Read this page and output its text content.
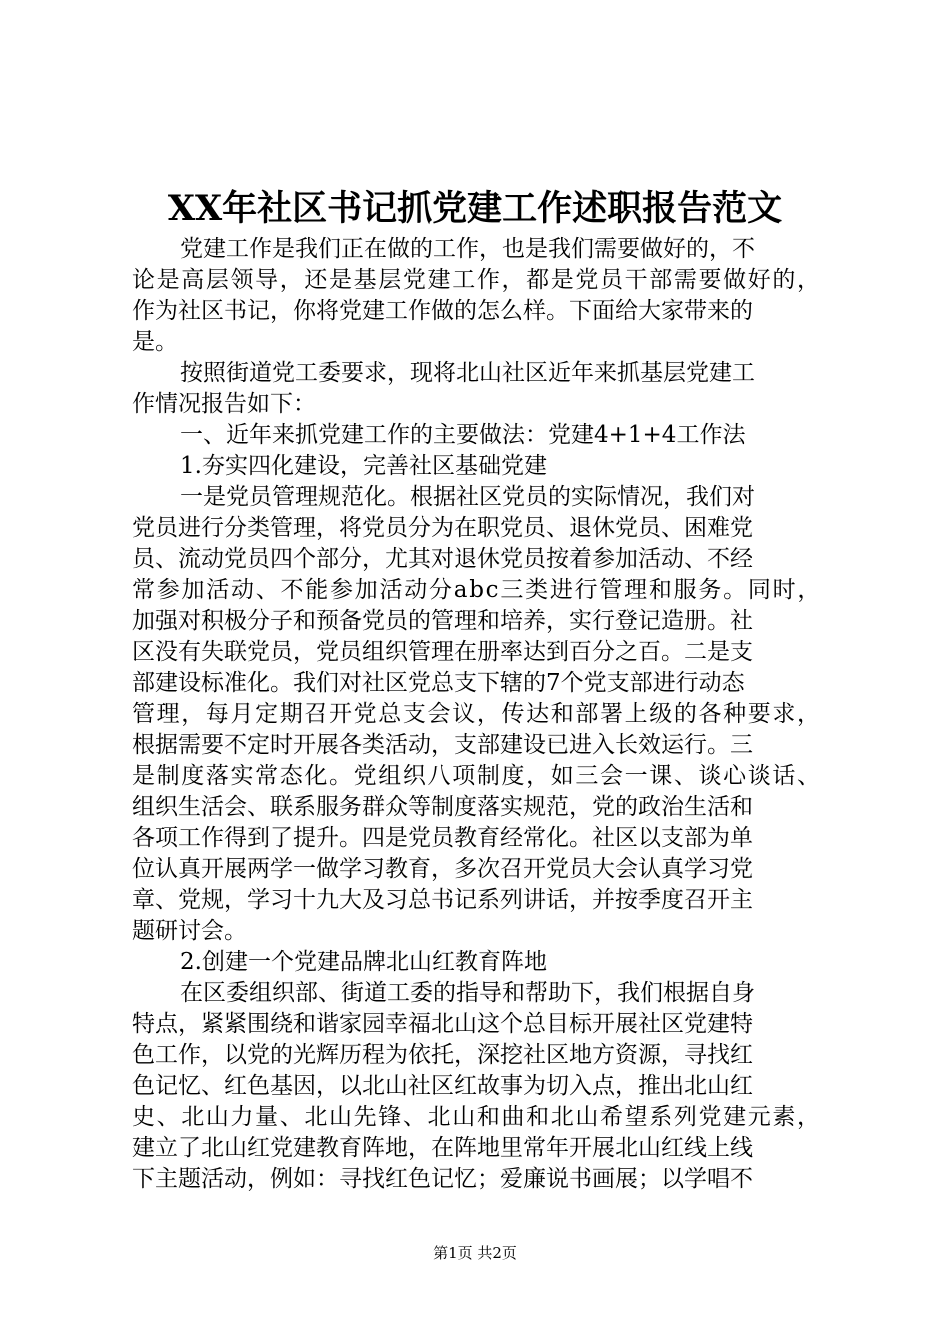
XX年社区书记抓党建工作述职报告范文
党建工作是我们正在做的工作，也是我们需要做好的，不
论是高层领导，还是基层党建工作，都是党员干部需要做好的，
作为社区书记，你将党建工作做的怎么样。下面给大家带来的
是。
按照街道党工委要求，现将北山社区近年来抓基层党建工
作情况报告如下：
一、近年来抓党建工作的主要做法：党建4+1+4工作法
1.夯实四化建设，完善社区基础党建
一是党员管理规范化。根据社区党员的实际情况，我们对
党员进行分类管理，将党员分为在职党员、退休党员、困难党
员、流动党员四个部分，尤其对退休党员按着参加活动、不经
常参加活动、不能参加活动分abc三类进行管理和服务。同时，
加强对积极分子和预备党员的管理和培养，实行登记造册。社
区没有失联党员，党员组织管理在册率达到百分之百。二是支
部建设标准化。我们对社区党总支下辖的7个党支部进行动态
管理，每月定期召开党总支会议，传达和部署上级的各种要求，
根据需要不定时开展各类活动，支部建设已进入长效运行。三
是制度落实常态化。党组织八项制度，如三会一课、谈心谈话、
组织生活会、联系服务群众等制度落实规范，党的政治生活和
各项工作得到了提升。四是党员教育经常化。社区以支部为单
位认真开展两学一做学习教育，多次召开党员大会认真学习党
章、党规，学习十九大及习总书记系列讲话，并按季度召开主
题研讨会。
2.创建一个党建品牌北山红教育阵地
在区委组织部、街道工委的指导和帮助下，我们根据自身
特点，紧紧围绕和谐家园幸福北山这个总目标开展社区党建特
色工作，以党的光辉历程为依托，深挖社区地方资源，寻找红
色记忆、红色基因，以北山社区红故事为切入点，推出北山红
史、北山力量、北山先锋、北山和曲和北山希望系列党建元素，
建立了北山红党建教育阵地，在阵地里常年开展北山红线上线
下主题活动，例如：寻找红色记忆；爱廉说书画展；以学唱不
第1页 共2页
